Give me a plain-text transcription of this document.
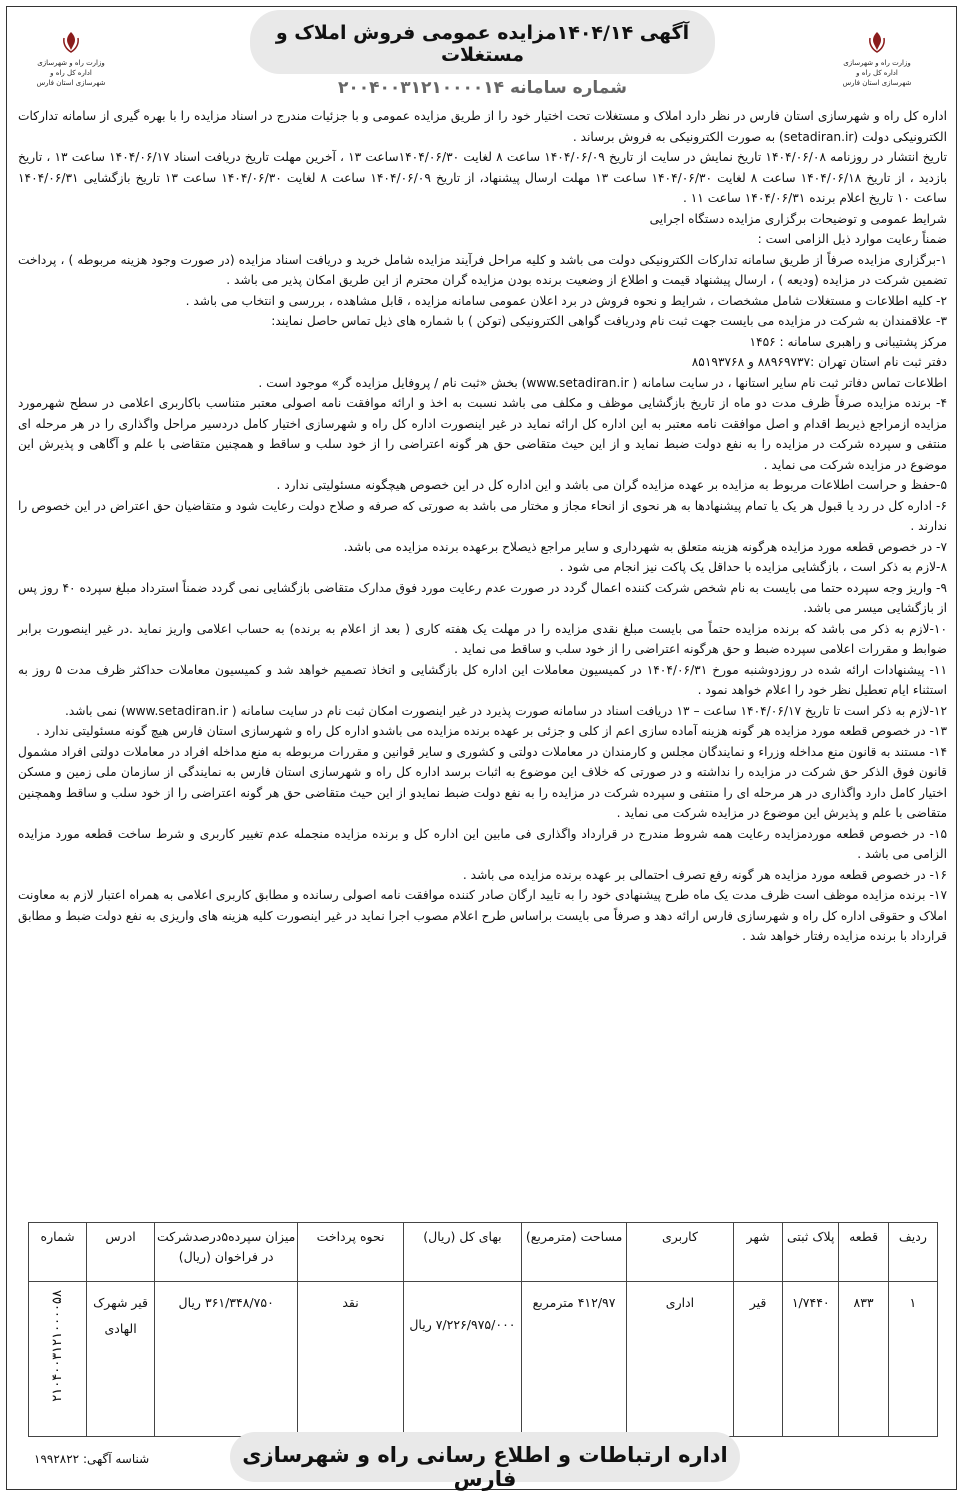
وزارت راه و شهرسازی
اداره کل راه و شهرسازی استان فارس
وزارت راه و شهرسازی
اداره کل راه و شهرسازی استان فارس
آگهی ۱۴۰۴/۱۴مزایده عمومی فروش املاک و مستغلات
شماره سامانه ۲۰۰۴۰۰۳۱۲۱۰۰۰۰۱۴

اداره کل راه و شهرسازی استان فارس در نظر دارد املاک و مستغلات تحت اختیار خود را از طریق مزایده عمومی و با جزئیات مندرج در اسناد مزایده را با بهره گیری از سامانه تدارکات الکترونیکی دولت (setadiran.ir) به صورت الکترونیکی به فروش برساند .

تاریخ انتشار در روزنامه ۱۴۰۴/۰۶/۰۸ تاریخ نمایش در سایت از تاریخ ۱۴۰۴/۰۶/۰۹ ساعت ۸ لغایت ۱۴۰۴/۰۶/۳۰ساعت ۱۳ ، آخرین مهلت تاریخ دریافت اسناد ۱۴۰۴/۰۶/۱۷ ساعت ۱۳ ، تاریخ بازدید ، از تاریخ ۱۴۰۴/۰۶/۱۸ ساعت ۸ لغایت ۱۴۰۴/۰۶/۳۰ ساعت ۱۳ مهلت ارسال پیشنهاد، از تاریخ ۱۴۰۴/۰۶/۰۹ ساعت ۸ لغایت ۱۴۰۴/۰۶/۳۰ ساعت ۱۳ تاریخ بازگشایی ۱۴۰۴/۰۶/۳۱ ساعت ۱۰ تاریخ اعلام برنده ۱۴۰۴/۰۶/۳۱ ساعت ۱۱ .

شرایط عمومی و توضیحات برگزاری مزایده دستگاه اجرایی

ضمناً رعایت موارد ذیل الزامی است :

۱-برگزاری مزایده صرفاً از طریق سامانه تدارکات الکترونیکی دولت می باشد و کلیه مراحل فرآیند مزایده شامل خرید و دریافت اسناد مزایده (در صورت وجود هزینه مربوطه ) ، پرداخت تضمین شرکت در مزایده (ودیعه ) ، ارسال پیشنهاد قیمت و اطلاع از وضعیت برنده بودن مزایده گران محترم از این طریق امکان پذیر می باشد .

۲- کلیه اطلاعات و مستغلات شامل مشخصات ، شرایط و نحوه فروش در برد اعلان عمومی سامانه مزایده ، قابل مشاهده ، بررسی و انتخاب می باشد .

۳- علاقمندان به شرکت در مزایده می بایست جهت ثبت نام ودریافت گواهی الکترونیکی (توکن ) با شماره های ذیل تماس حاصل نمایند:

مرکز پشتیبانی و راهبری سامانه : ۱۴۵۶

دفتر ثبت نام استان تهران :۸۸۹۶۹۷۳۷ و ۸۵۱۹۳۷۶۸

اطلاعات تماس دفاتر ثبت نام سایر استانها ، در سایت سامانه ( www.setadiran.ir) بخش «ثبت نام / پروفایل مزایده گر» موجود است .

۴- برنده مزایده صرفاً ظرف مدت دو ماه از تاریخ بازگشایی موظف و مکلف می باشد نسبت به اخذ و ارائه موافقت نامه اصولی معتبر متناسب باکاربری اعلامی در سطح شهرمورد مزایده ازمراجع ذیربط اقدام و اصل موافقت نامه معتبر به این اداره کل ارائه نماید در غیر اینصورت اداره کل راه و شهرسازی اختیار کامل دردسیر مراحل واگذاری را در هر مرحله ای منتفی و سپرده شرکت در مزایده را به نفع دولت ضبط نماید و از این حیث متقاضی حق هر گونه اعتراضی را از خود سلب و ساقط و همچنین متقاضی با علم و آگاهی و پذیرش این موضوع در مزایده شرکت می نماید .

۵-حفظ و حراست اطلاعات مربوط به مزایده بر عهده مزایده گران می باشد و این اداره کل در این خصوص هیچگونه مسئولیتی ندارد .

۶- اداره کل در رد یا قبول هر یک یا تمام پیشنهادها به هر نحوی از انحاء مجاز و مختار می باشد به صورتی که صرفه و صلاح دولت رعایت شود و متقاضیان حق اعتراض در این خصوص را ندارند .

۷- در خصوص قطعه مورد مزایده هرگونه هزینه متعلق به شهرداری و سایر مراجع ذیصلاح برعهده برنده مزایده می باشد.

۸-لازم به ذکر است ، بازگشایی مزایده با حداقل یک پاکت نیز انجام می شود .

۹- واریز وجه سپرده حتما می بایست به نام شخص شرکت کننده اعمال گردد در صورت عدم رعایت مورد فوق مدارک متقاضی بازگشایی نمی گردد ضمناً استرداد مبلغ سپرده ۴۰ روز پس از بازگشایی میسر می باشد.

۱۰-لازم به ذکر می باشد که برنده مزایده حتماً می بایست مبلغ نقدی مزایده را در مهلت یک هفته کاری ( بعد از اعلام به برنده) به حساب اعلامی واریز نماید .در غیر اینصورت برابر ضوابط و مقررات اعلامی سپرده ضبط و حق هرگونه اعتراضی را از خود سلب و ساقط می نماید .

۱۱- پیشنهادات ارائه شده در روزدوشنبه مورخ ۱۴۰۴/۰۶/۳۱ در کمیسیون معاملات این اداره کل بازگشایی و اتخاذ تصمیم خواهد شد و کمیسیون معاملات حداکثر ظرف مدت ۵ روز به استثناء ایام تعطیل نظر خود را اعلام خواهد نمود .

۱۲-لازم به ذکر است تا تاریخ ۱۴۰۴/۰۶/۱۷ ساعت – ۱۳ دریافت اسناد در سامانه صورت پذیرد در غیر اینصورت امکان ثبت نام در سایت سامانه ( www.setadiran.ir) نمی باشد.

۱۳- در خصوص قطعه مورد مزایده هر گونه هزینه آماده سازی اعم از کلی و جزئی بر عهده برنده مزایده می باشدو اداره کل راه و شهرسازی استان فارس هیچ گونه مسئولیتی ندارد .

۱۴- مستند به قانون منع مداخله وزراء و نمایندگان مجلس و کارمندان در معاملات دولتی و کشوری و سایر قوانین و مقررات مربوطه به منع مداخله افراد در معاملات دولتی افراد مشمول قانون فوق الذکر حق شرکت در مزایده را نداشته و در صورتی که خلاف این موضوع به اثبات برسد اداره کل راه و شهرسازی استان فارس به نمایندگی از سازمان ملی زمین و مسکن اختیار کامل دارد واگذاری در هر مرحله ای را منتفی و سپرده شرکت در مزایده را به نفع دولت ضبط نمایدو از این حیث متقاضی حق هر گونه اعتراضی را از خود سلب و ساقط وهمچنین متقاضی با علم و پذیرش این موضوع در مزایده شرکت می نماید .

۱۵- در خصوص قطعه موردمزایده رعایت همه شروط مندرج در قرارداد واگذاری فی مابین این اداره کل و برنده مزایده منجمله عدم تغییر کاربری و شرط ساخت قطعه مورد مزایده الزامی می باشد .

۱۶- در خصوص قطعه مورد مزایده هر گونه رفع تصرف احتمالی بر عهده برنده مزایده می باشد .

۱۷- برنده مزایده موظف است ظرف مدت یک ماه طرح پیشنهادی خود را به تایید ارگان صادر کننده موافقت نامه اصولی رسانده و مطابق کاربری اعلامی به همراه اعتبار لازم به معاونت املاک و حقوقی اداره کل راه و شهرسازی فارس ارائه دهد و صرفاً می بایست براساس طرح اعلام مصوب اجرا نماید در غیر اینصورت کلیه هزینه های واریزی به نفع دولت ضبط و مطابق قرارداد با برنده مزایده رفتار خواهد شد .

ردیف	قطعه	پلاک ثبتی	شهر	کاربری	مساحت (مترمربع)	بهای کل (ریال)	نحوه پرداخت	میزان سپرده۵درصدشرکت در فراخوان (ریال)	ادرس	شماره
۱	۸۳۳	۱/۷۴۴۰	قیر	اداری	۴۱۲/۹۷ مترمربع	۷/۲۲۶/۹۷۵/۰۰۰ ریال	نقد	۳۶۱/۳۴۸/۷۵۰ ریال	قیر شهرک الهادی	۲۱۰۴۰۰۳۱۲۱۰۰۰۰۵۸
اداره ارتباطات و اطلاع رسانی راه و شهرسازی فارس
شناسه آگهی: ۱۹۹۲۸۲۲
